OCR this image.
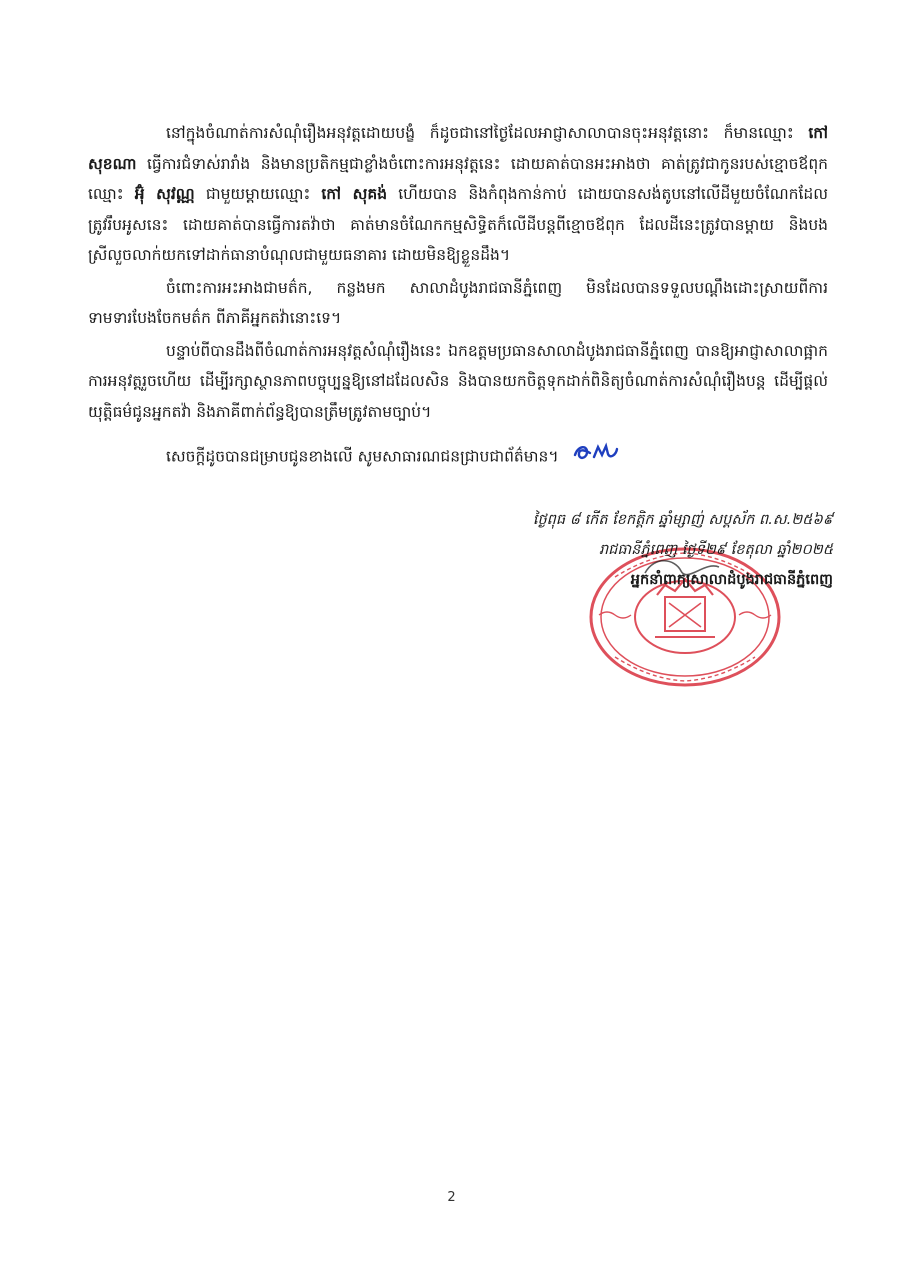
នៅក្នុងចំណាត់ការសំណុំរឿងអនុវត្តដោយបង្ខំ ក៏ដូចជានៅថ្ងៃដែលអាជ្ញាសាលាបានចុះអនុវត្តនោះ ក៏មានឈ្មោះ កៅ សុខណា ធ្វើការជំទាស់រារាំង និងមានប្រតិកម្មជាខ្លាំងចំពោះការអនុវត្តនេះ ដោយគាត់បានអះអាងថា គាត់ត្រូវជាកូនរបស់ខ្មោចឪពុកឈ្មោះ អ៊ុំ សុវណ្ណ ជាមួយម្តាយឈ្មោះ កៅ សុគង់ ហើយបាន និងកំពុងកាន់កាប់ ដោយបានសង់តូបនៅលើដីមួយចំណែកដែលត្រូវរឹបអូសនេះ ដោយគាត់បានធ្វើការតវ៉ាថា គាត់មានចំណែកកម្មសិទ្ធិតក៏លើដីបន្តពីខ្មោចឪពុក ដែលដីនេះត្រូវបានម្តាយ និងបងស្រីលួចលាក់យកទៅដាក់ធានាបំណុលជាមួយធនាគារ ដោយមិនឱ្យខ្លួនដឹង។

ចំពោះការអះអាងជាមត៌ក, កន្លងមក សាលាដំបូងរាជធានីភ្នំពេញ មិនដែលបានទទួលបណ្តឹងដោះស្រាយពីការទាមទារបែងចែកមត៌ក ពីភាគីអ្នកតវ៉ានោះទេ។

បន្ទាប់ពីបានដឹងពីចំណាត់ការអនុវត្តសំណុំរឿងនេះ ឯកឧត្តមប្រធានសាលាដំបូងរាជធានីភ្នំពេញ បានឱ្យអាជ្ញាសាលាផ្អាកការអនុវត្តរួចហើយ ដើម្បីរក្សាស្ថានភាពបច្ចុប្បន្នឱ្យនៅដដែលសិន និងបានយកចិត្តទុកដាក់ពិនិត្យចំណាត់ការសំណុំរឿងបន្ត ដើម្បីផ្តល់យុត្តិធម៌ជូនអ្នកតវ៉ា និងភាគីពាក់ព័ន្ធឱ្យបានត្រឹមត្រូវតាមច្បាប់។

សេចក្តីដូចបានជម្រាបជូនខាងលើ សូមសាធារណជនជ្រាបជាព័ត៌មាន។
ថ្ងៃពុធ ៨ កើត ខែកត្តិក ឆ្នាំម្សាញ់ សប្តស័ក ព.ស.២៥៦៩
រាជធានីភ្នំពេញ ថ្ងៃទី២៩ ខែតុលា ឆ្នាំ២០២៥
អ្នកនាំពាក្យសាលាដំបូងរាជធានីភ្នំពេញ
2
